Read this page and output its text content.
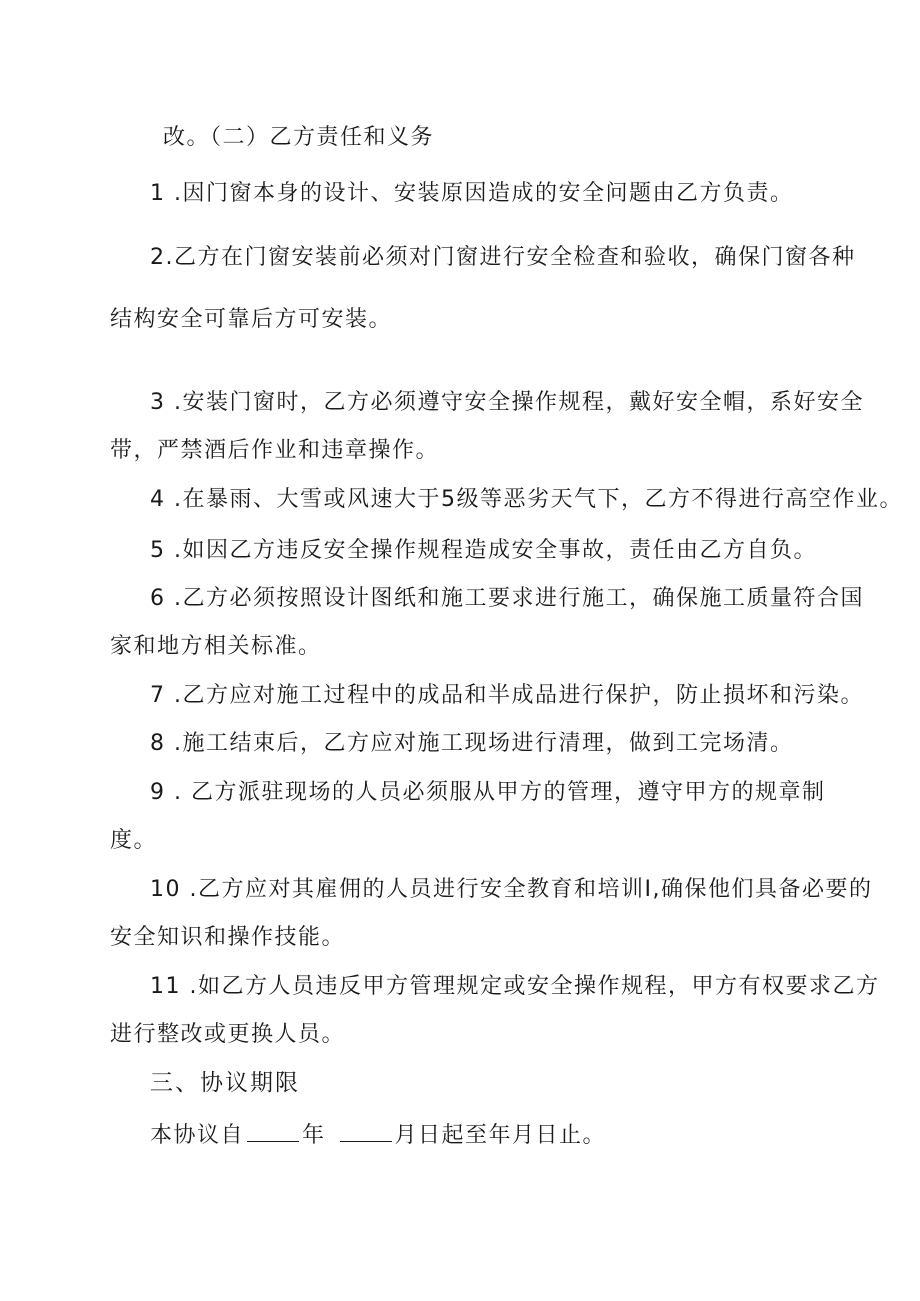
改。（二）乙方责任和义务
1 .因门窗本身的设计、安装原因造成的安全问题由乙方负责。
2.乙方在门窗安装前必须对门窗进行安全检查和验收，确保门窗各种
结构安全可靠后方可安装。
3 .安装门窗时，乙方必须遵守安全操作规程，戴好安全帽，系好安全
带，严禁酒后作业和违章操作。
4 .在暴雨、大雪或风速大于5级等恶劣天气下，乙方不得进行高空作业。
5 .如因乙方违反安全操作规程造成安全事故，责任由乙方自负。
6 .乙方必须按照设计图纸和施工要求进行施工，确保施工质量符合国
家和地方相关标准。
7 .乙方应对施工过程中的成品和半成品进行保护，防止损坏和污染。
8 .施工结束后，乙方应对施工现场进行清理，做到工完场清。
9 . 乙方派驻现场的人员必须服从甲方的管理，遵守甲方的规章制
度。
10 .乙方应对其雇佣的人员进行安全教育和培训I,确保他们具备必要的
安全知识和操作技能。
11 .如乙方人员违反甲方管理规定或安全操作规程，甲方有权要求乙方
进行整改或更换人员。
三、协议期限
本协议自	年	月日起至年月日止。
